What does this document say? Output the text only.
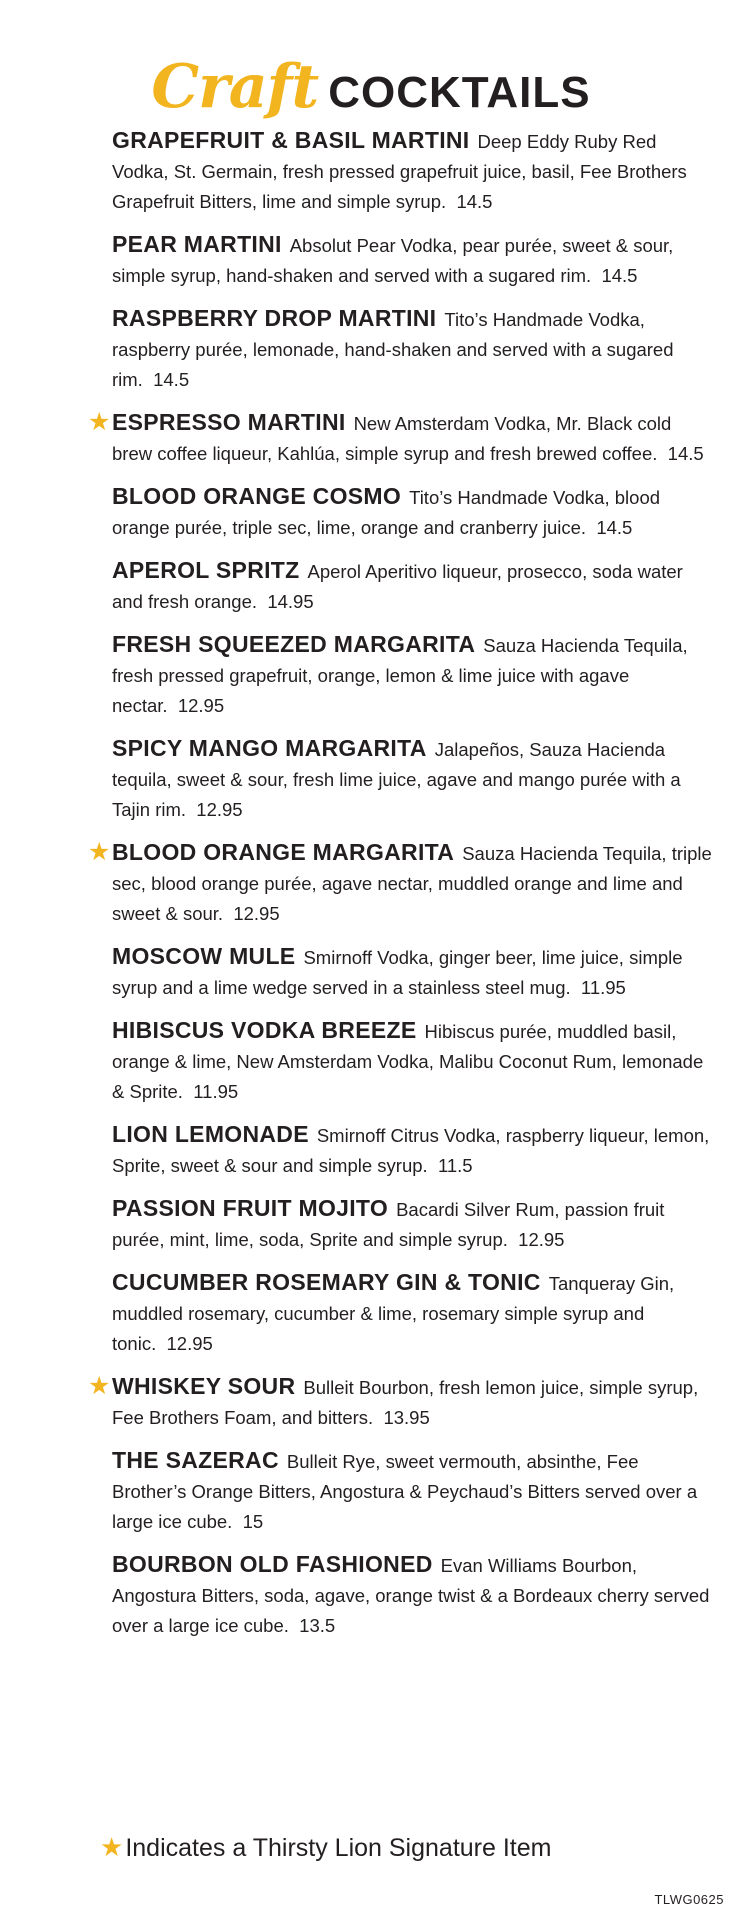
Craft COCKTAILS
GRAPEFRUIT & BASIL MARTINI Deep Eddy Ruby Red Vodka, St. Germain, fresh pressed grapefruit juice, basil, Fee Brothers Grapefruit Bitters, lime and simple syrup. 14.5
PEAR MARTINI Absolut Pear Vodka, pear purée, sweet & sour, simple syrup, hand-shaken and served with a sugared rim. 14.5
RASPBERRY DROP MARTINI Tito’s Handmade Vodka, raspberry purée, lemonade, hand-shaken and served with a sugared rim. 14.5
★ ESPRESSO MARTINI New Amsterdam Vodka, Mr. Black cold brew coffee liqueur, Kahlúa, simple syrup and fresh brewed coffee. 14.5
BLOOD ORANGE COSMO Tito’s Handmade Vodka, blood orange purée, triple sec, lime, orange and cranberry juice. 14.5
APEROL SPRITZ Aperol Aperitivo liqueur, prosecco, soda water and fresh orange. 14.95
FRESH SQUEEZED MARGARITA Sauza Hacienda Tequila, fresh pressed grapefruit, orange, lemon & lime juice with agave nectar. 12.95
SPICY MANGO MARGARITA Jalapeños, Sauza Hacienda tequila, sweet & sour, fresh lime juice, agave and mango purée with a Tajin rim. 12.95
★ BLOOD ORANGE MARGARITA Sauza Hacienda Tequila, triple sec, blood orange purée, agave nectar, muddled orange and lime and sweet & sour. 12.95
MOSCOW MULE Smirnoff Vodka, ginger beer, lime juice, simple syrup and a lime wedge served in a stainless steel mug. 11.95
HIBISCUS VODKA BREEZE Hibiscus purée, muddled basil, orange & lime, New Amsterdam Vodka, Malibu Coconut Rum, lemonade & Sprite. 11.95
LION LEMONADE Smirnoff Citrus Vodka, raspberry liqueur, lemon, Sprite, sweet & sour and simple syrup. 11.5
PASSION FRUIT MOJITO Bacardi Silver Rum, passion fruit purée, mint, lime, soda, Sprite and simple syrup. 12.95
CUCUMBER ROSEMARY GIN & TONIC Tanqueray Gin, muddled rosemary, cucumber & lime, rosemary simple syrup and tonic. 12.95
★ WHISKEY SOUR Bulleit Bourbon, fresh lemon juice, simple syrup, Fee Brothers Foam, and bitters. 13.95
THE SAZERAC Bulleit Rye, sweet vermouth, absinthe, Fee Brother’s Orange Bitters, Angostura & Peychaud’s Bitters served over a large ice cube. 15
BOURBON OLD FASHIONED Evan Williams Bourbon, Angostura Bitters, soda, agave, orange twist & a Bordeaux cherry served over a large ice cube. 13.5
★Indicates a Thirsty Lion Signature Item
TLWG0625
